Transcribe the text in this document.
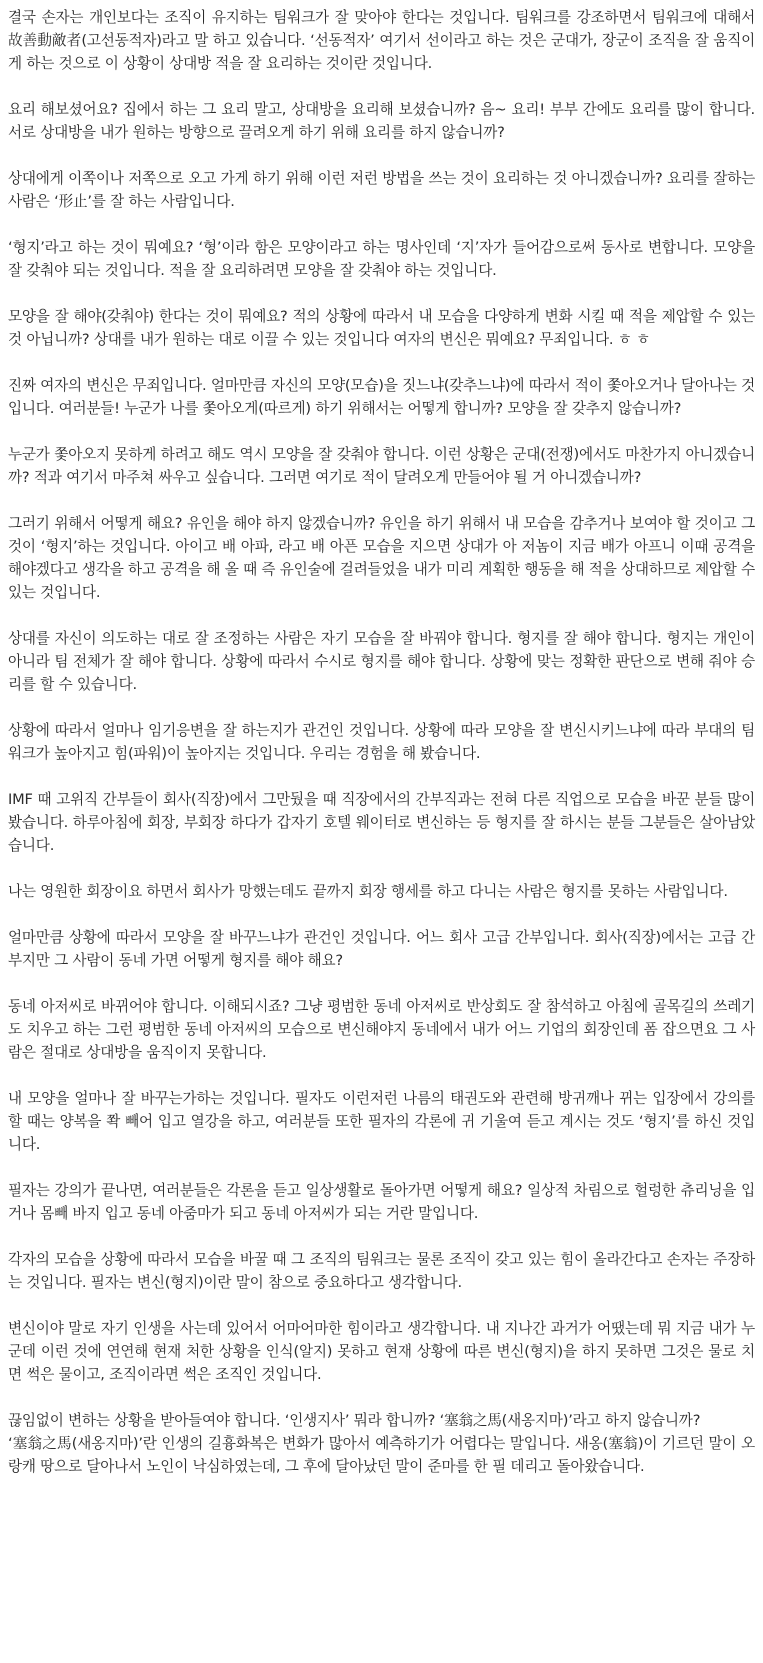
결국 손자는 개인보다는 조직이 유지하는 팀워크가 잘 맞아야 한다는 것입니다. 팀워크를 강조하면서 팀워크에 대해서 故善動敵者(고선동적자)라고 말 하고 있습니다. ‘선동적자’ 여기서 선이라고 하는 것은 군대가, 장군이 조직을 잘 움직이게 하는 것으로 이 상황이 상대방 적을 잘 요리하는 것이란 것입니다.

요리 해보셨어요? 집에서 하는 그 요리 말고, 상대방을 요리해 보셨습니까? 음~ 요리! 부부 간에도 요리를 많이 합니다. 서로 상대방을 내가 원하는 방향으로 끌려오게 하기 위해 요리를 하지 않습니까?

상대에게 이쪽이나 저쪽으로 오고 가게 하기 위해 이런 저런 방법을 쓰는 것이 요리하는 것 아니겠습니까? 요리를 잘하는 사람은 ‘形止’를 잘 하는 사람입니다.

‘형지’라고 하는 것이 뭐예요? ‘형’이라 함은 모양이라고 하는 명사인데 ‘지’자가 들어감으로써 동사로 변합니다. 모양을 잘 갖춰야 되는 것입니다. 적을 잘 요리하려면 모양을 잘 갖춰야 하는 것입니다.

모양을 잘 해야(갖춰야) 한다는 것이 뭐예요? 적의 상황에 따라서 내 모습을 다양하게 변화 시킬 때 적을 제압할 수 있는 것 아닙니까? 상대를 내가 원하는 대로 이끌 수 있는 것입니다 여자의 변신은 뭐예요? 무죄입니다. ㅎ ㅎ

진짜 여자의 변신은 무죄입니다. 얼마만큼 자신의 모양(모습)을 짓느냐(갖추느냐)에 따라서 적이 쫓아오거나 달아나는 것입니다. 여러분들! 누군가 나를 쫓아오게(따르게) 하기 위해서는 어떻게 합니까? 모양을 잘 갖추지 않습니까?

누군가 쫓아오지 못하게 하려고 해도 역시 모양을 잘 갖춰야 합니다. 이런 상황은 군대(전쟁)에서도 마찬가지 아니겠습니까? 적과 여기서 마주쳐 싸우고 싶습니다. 그러면 여기로 적이 달려오게 만들어야 될 거 아니겠습니까?

그러기 위해서 어떻게 해요? 유인을 해야 하지 않겠습니까? 유인을 하기 위해서 내 모습을 감추거나 보여야 할 것이고 그것이 ‘형지’하는 것입니다. 아이고 배 아파, 라고 배 아픈 모습을 지으면 상대가 아 저놈이 지금 배가 아프니 이때 공격을 해야겠다고 생각을 하고 공격을 해 올 때 즉 유인술에 걸려들었을 내가 미리 계획한 행동을 해 적을 상대하므로 제압할 수 있는 것입니다.

상대를 자신이 의도하는 대로 잘 조정하는 사람은 자기 모습을 잘 바꿔야 합니다. 형지를 잘 해야 합니다. 형지는 개인이 아니라 팀 전체가 잘 해야 합니다. 상황에 따라서 수시로 형지를 해야 합니다. 상황에 맞는 정확한 판단으로 변해 줘야 승리를 할 수 있습니다.

상황에 따라서 얼마나 임기응변을 잘 하는지가 관건인 것입니다. 상황에 따라 모양을 잘 변신시키느냐에 따라 부대의 팀워크가 높아지고 힘(파워)이 높아지는 것입니다. 우리는 경험을 해 봤습니다.

IMF 때 고위직 간부들이 회사(직장)에서 그만뒀을 때 직장에서의 간부직과는 전혀 다른 직업으로 모습을 바꾼 분들 많이 봤습니다. 하루아침에 회장, 부회장 하다가 갑자기 호텔 웨이터로 변신하는 등 형지를 잘 하시는 분들 그분들은 살아남았습니다.

나는 영원한 회장이요 하면서 회사가 망했는데도 끝까지 회장 행세를 하고 다니는 사람은 형지를 못하는 사람입니다.

얼마만큼 상황에 따라서 모양을 잘 바꾸느냐가 관건인 것입니다. 어느 회사 고급 간부입니다. 회사(직장)에서는 고급 간부지만 그 사람이 동네 가면 어떻게 형지를 해야 해요?

동네 아저씨로 바뀌어야 합니다. 이해되시죠? 그냥 평범한 동네 아저씨로 반상회도 잘 참석하고 아침에 골목길의 쓰레기도 치우고 하는 그런 평범한 동네 아저씨의 모습으로 변신해야지 동네에서 내가 어느 기업의 회장인데 폼 잡으면요 그 사람은 절대로 상대방을 움직이지 못합니다.

내 모양을 얼마나 잘 바꾸는가하는 것입니다. 필자도 이런저런 나름의 태권도와 관련해 방귀깨나 뀌는 입장에서 강의를 할 때는 양복을 쫙 빼어 입고 열강을 하고, 여러분들 또한 필자의 각론에 귀 기울여 듣고 계시는 것도 ‘형지’를 하신 것입니다.

필자는 강의가 끝나면, 여러분들은 각론을 듣고 일상생활로 돌아가면 어떻게 해요? 일상적 차림으로 헐렁한 츄리닝을 입거나 몸빼 바지 입고 동네 아줌마가 되고 동네 아저씨가 되는 거란 말입니다.

각자의 모습을 상황에 따라서 모습을 바꿀 때 그 조직의 팀워크는 물론 조직이 갖고 있는 힘이 올라간다고 손자는 주장하는 것입니다. 필자는 변신(형지)이란 말이 참으로 중요하다고 생각합니다.

변신이야 말로 자기 인생을 사는데 있어서 어마어마한 힘이라고 생각합니다. 내 지나간 과거가 어땠는데 뭐 지금 내가 누군데 이런 것에 연연해 현재 처한 상황을 인식(알지) 못하고 현재 상황에 따른 변신(형지)을 하지 못하면 그것은 물로 치면 썩은 물이고, 조직이라면 썩은 조직인 것입니다.

끊임없이 변하는 상황을 받아들여야 합니다. ‘인생지사’ 뭐라 합니까? ‘塞翁之馬(새옹지마)’라고 하지 않습니까?

‘塞翁之馬(새옹지마)’란 인생의 길흉화복은 변화가 많아서 예측하기가 어렵다는 말입니다. 새옹(塞翁)이 기르던 말이 오랑캐 땅으로 달아나서 노인이 낙심하였는데, 그 후에 달아났던 말이 준마를 한 필 데리고 돌아왔습니다.
